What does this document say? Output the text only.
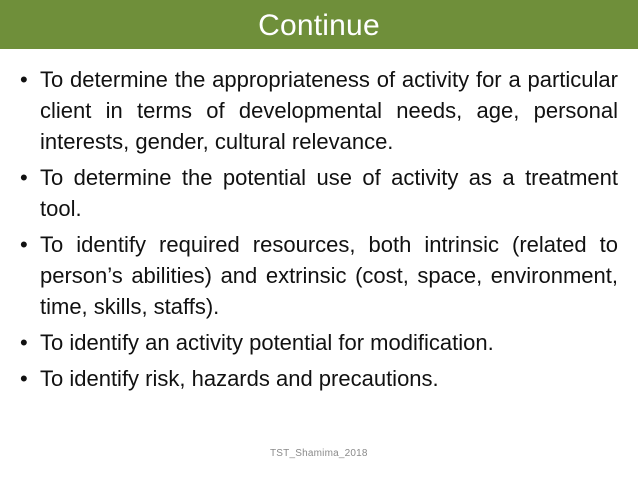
Continue
• To determine the appropriateness of activity for a particular client in terms of developmental needs, age, personal interests, gender, cultural relevance.
• To determine the potential use of activity as a treatment tool.
• To identify required resources, both intrinsic (related to person’s abilities) and extrinsic (cost, space, environment, time, skills, staffs).
• To identify an activity potential for modification.
• To identify risk, hazards and precautions.
TST_Shamima_2018
